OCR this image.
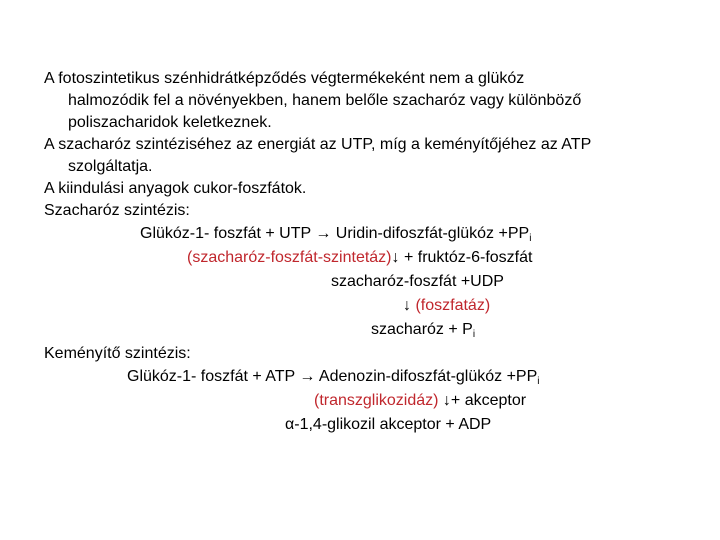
A fotoszintetikus szénhidrátképződés végtermékeként nem a glükóz
halmozódik fel a növényekben, hanem belőle szacharóz vagy különböző
poliszacharidok keletkeznek.
A szacharóz szintéziséhez az energiát az UTP, míg a keményítőjéhez az ATP
szolgáltatja.
A kiindulási anyagok cukor-foszfátok.
Szacharóz szintézis:
Glükóz-1- foszfát + UTP → Uridin-difoszfát-glükóz $+PP_i$
(szacharóz-foszfát-szintetáz)↓ + fruktóz-6-foszfát
szacharóz-foszfát +UDP
↓ (foszfatáz)
szacharóz + $P_i$
Keményítő szintézis:
Glükóz-1- foszfát + ATP → Adenozin-difoszfát-glükóz $+PP_i$
(transzglikozidáz) ↓+ akceptor
α-1,4-glikozil akceptor + ADP
